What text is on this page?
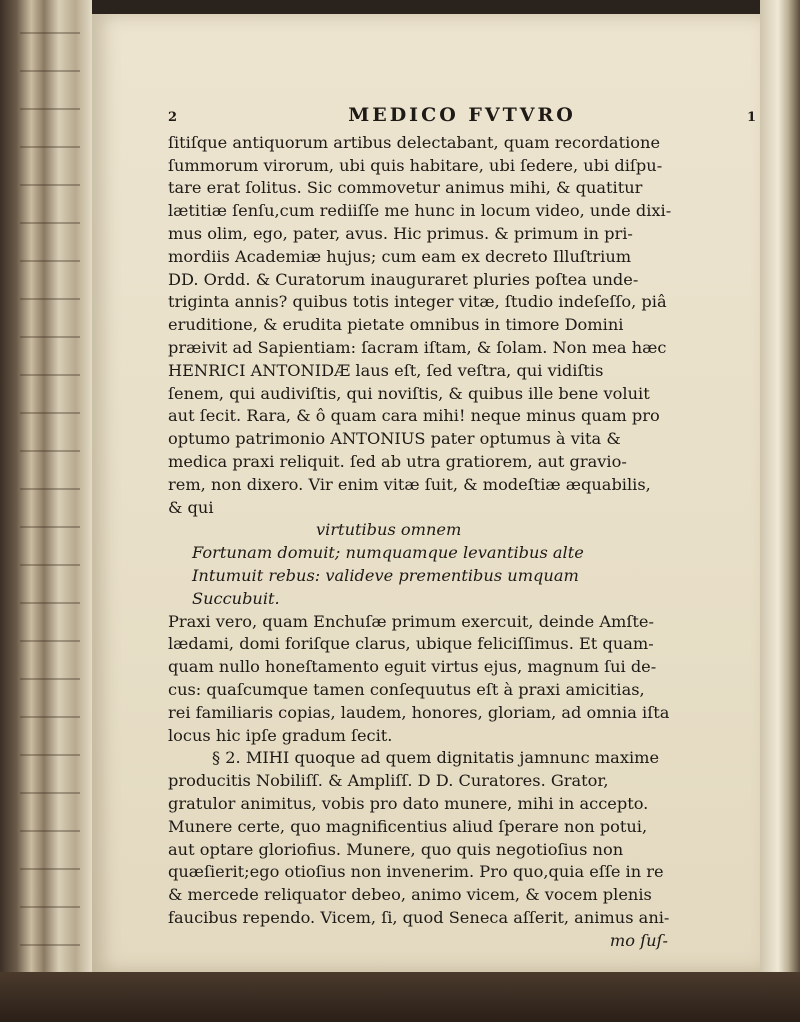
2	MEDICO FVTVRO	1
ſitiſque antiquorum artibus delectabant, quam recordatione
ſummorum virorum, ubi quis habitare, ubi ſedere, ubi diſpu-
tare erat ſolitus. Sic commovetur animus mihi, & quatitur
lætitiæ ſenſu,cum rediiſſe me hunc in locum video, unde dixi-
mus olim, ego, pater, avus. Hic primus. & primum in pri-
mordiis Academiæ hujus; cum eam ex decreto Illuſtrium
DD. Ordd. & Curatorum inauguraret pluries poſtea unde-
triginta annis? quibus totis integer vitæ, ſtudio indeſeſſo, piâ
eruditione, & erudita pietate omnibus in timore Domini
præivit ad Sapientiam: ſacram iſtam, & ſolam. Non mea hæc
HENRICI ANTONIDÆ laus eſt, ſed veſtra, qui vidiſtis
ſenem, qui audiviſtis, qui noviſtis, & quibus ille bene voluit
aut ſecit. Rara, & ô quam cara mihi! neque minus quam pro
optumo patrimonio ANTONIUS pater optumus à vita &
medica praxi reliquit. ſed ab utra gratiorem, aut gravio-
rem, non dixero. Vir enim vitæ ſuit, & modeſtiæ æquabilis,
& qui
virtutibus omnem
Fortunam domuit; numquamque levantibus alte
Intumuit rebus: valideve prementibus umquam
Succubuit.
Praxi vero, quam Enchuſæ primum exercuit, deinde Amſte-
lædami, domi foriſque clarus, ubique feliciſſimus. Et quam-
quam nullo honeſtamento eguit virtus ejus, magnum ſui de-
cus: quaſcumque tamen conſequutus eſt à praxi amicitias,
rei familiaris copias, laudem, honores, gloriam, ad omnia iſta
locus hic ipſe gradum ſecit.
§ 2. MIHI quoque ad quem dignitatis jamnunc maxime
producitis Nobiliſſ. & Ampliſſ. D D. Curatores. Grator,
gratulor animitus, vobis pro dato munere, mihi in accepto.
Munere certe, quo magnificentius aliud ſperare non potui,
aut optare gloriofius. Munere, quo quis negotioſius non
quæſierit;ego otioſius non invenerim. Pro quo,quia eſſe in re
& mercede reliquator debeo, animo vicem, & vocem plenis
faucibus rependo. Vicem, ſi, quod Seneca aſſerit, animus ani-
mo ſuſ-
